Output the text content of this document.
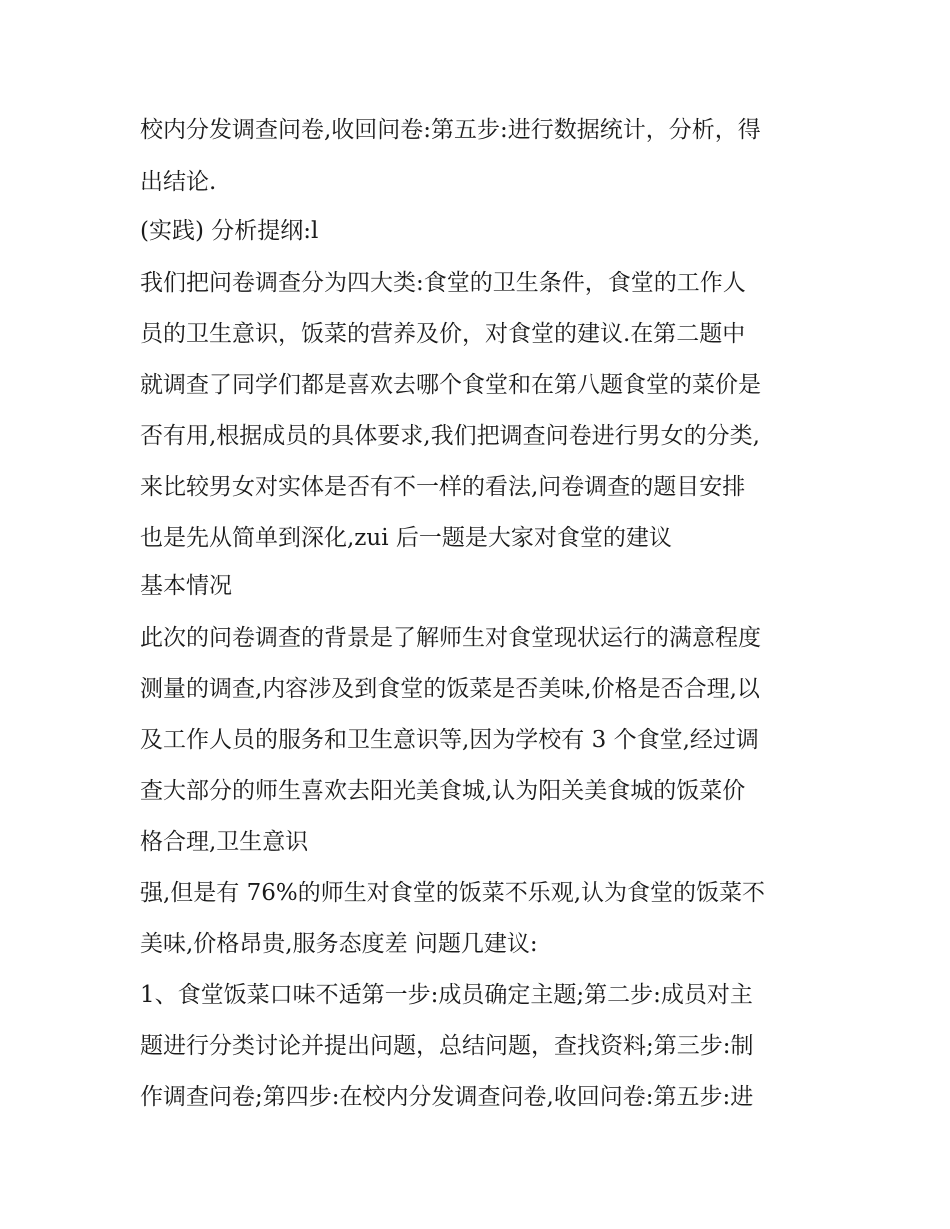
校内分发调查问卷,收回问卷:第五步:进行数据统计，分析，得
出结论.
(实践) 分析提纲:l
我们把问卷调查分为四大类:食堂的卫生条件，食堂的工作人
员的卫生意识，饭菜的营养及价，对食堂的建议.在第二题中
就调查了同学们都是喜欢去哪个食堂和在第八题食堂的菜价是
否有用,根据成员的具体要求,我们把调查问卷进行男女的分类,
来比较男女对实体是否有不一样的看法,问卷调查的题目安排
也是先从简单到深化,zui 后一题是大家对食堂的建议
基本情况
此次的问卷调查的背景是了解师生对食堂现状运行的满意程度
测量的调查,内容涉及到食堂的饭菜是否美味,价格是否合理,以
及工作人员的服务和卫生意识等,因为学校有 3 个食堂,经过调
查大部分的师生喜欢去阳光美食城,认为阳关美食城的饭菜价
格合理,卫生意识
强,但是有 76%的师生对食堂的饭菜不乐观,认为食堂的饭菜不
美味,价格昂贵,服务态度差 问题几建议:
1、食堂饭菜口味不适第一步:成员确定主题;第二步:成员对主
题进行分类讨论并提出问题，总结问题，查找资料;第三步:制
作调查问卷;第四步:在校内分发调查问卷,收回问卷:第五步:进
